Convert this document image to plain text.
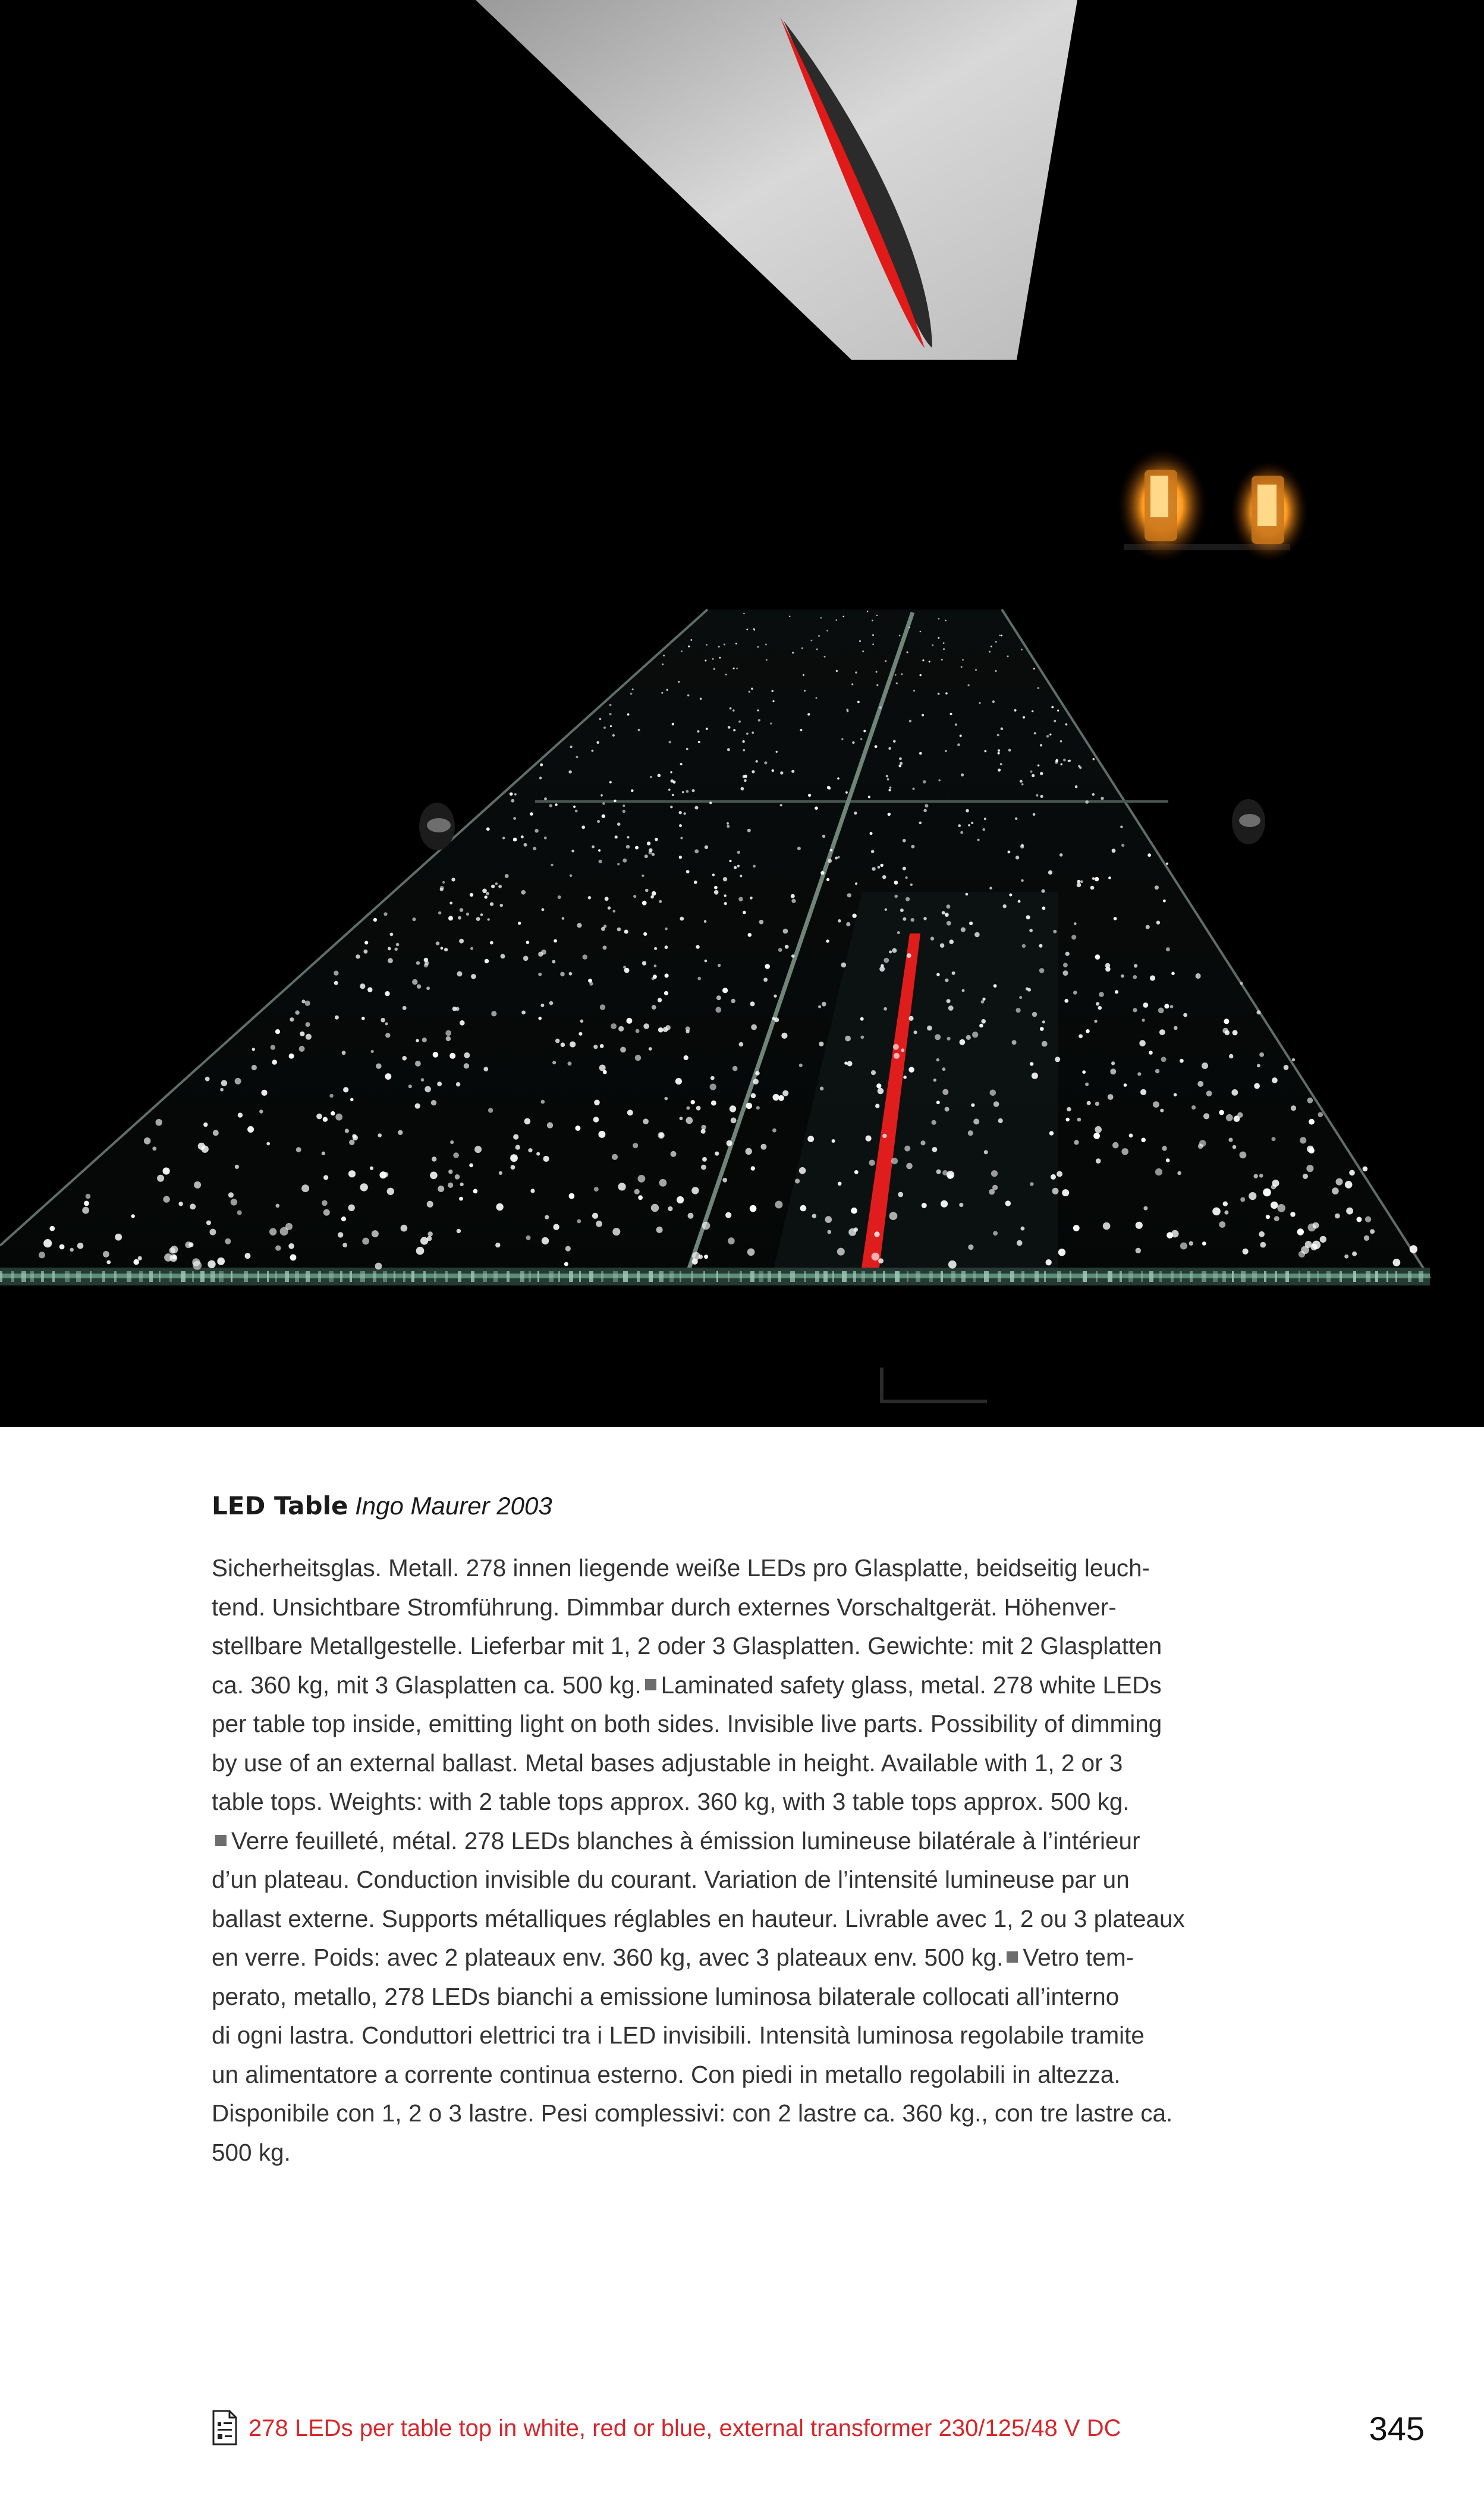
LED Table Ingo Maurer 2003
Sicherheitsglas. Metall. 278 innen liegende weiße LEDs pro Glasplatte, beidseitig leuch-
tend. Unsichtbare Stromführung. Dimmbar durch externes Vorschaltgerät. Höhenver-
stellbare Metallgestelle. Lieferbar mit 1, 2 oder 3 Glasplatten. Gewichte: mit 2 Glasplatten
ca. 360 kg, mit 3 Glasplatten ca. 500 kg. Laminated safety glass, metal. 278 white LEDs
per table top inside, emitting light on both sides. Invisible live parts. Possibility of dimming
by use of an external ballast. Metal bases adjustable in height. Available with 1, 2 or 3
table tops. Weights: with 2 table tops approx. 360 kg, with 3 table tops approx. 500 kg.
Verre feuilleté, métal. 278 LEDs blanches à émission lumineuse bilatérale à l’intérieur
d’un plateau. Conduction invisible du courant. Variation de l’intensité lumineuse par un
ballast externe. Supports métalliques réglables en hauteur. Livrable avec 1, 2 ou 3 plateaux
en verre. Poids: avec 2 plateaux env. 360 kg, avec 3 plateaux env. 500 kg. Vetro tem-
perato, metallo, 278 LEDs bianchi a emissione luminosa bilaterale collocati all’interno
di ogni lastra. Conduttori elettrici tra i LED invisibili. Intensità luminosa regolabile tramite
un alimentatore a corrente continua esterno. Con piedi in metallo regolabili in altezza.
Disponibile con 1, 2 o 3 lastre. Pesi complessivi: con 2 lastre ca. 360 kg., con tre lastre ca.
500 kg.
278 LEDs per table top in white, red or blue, external transformer 230/125/48 V DC	345
